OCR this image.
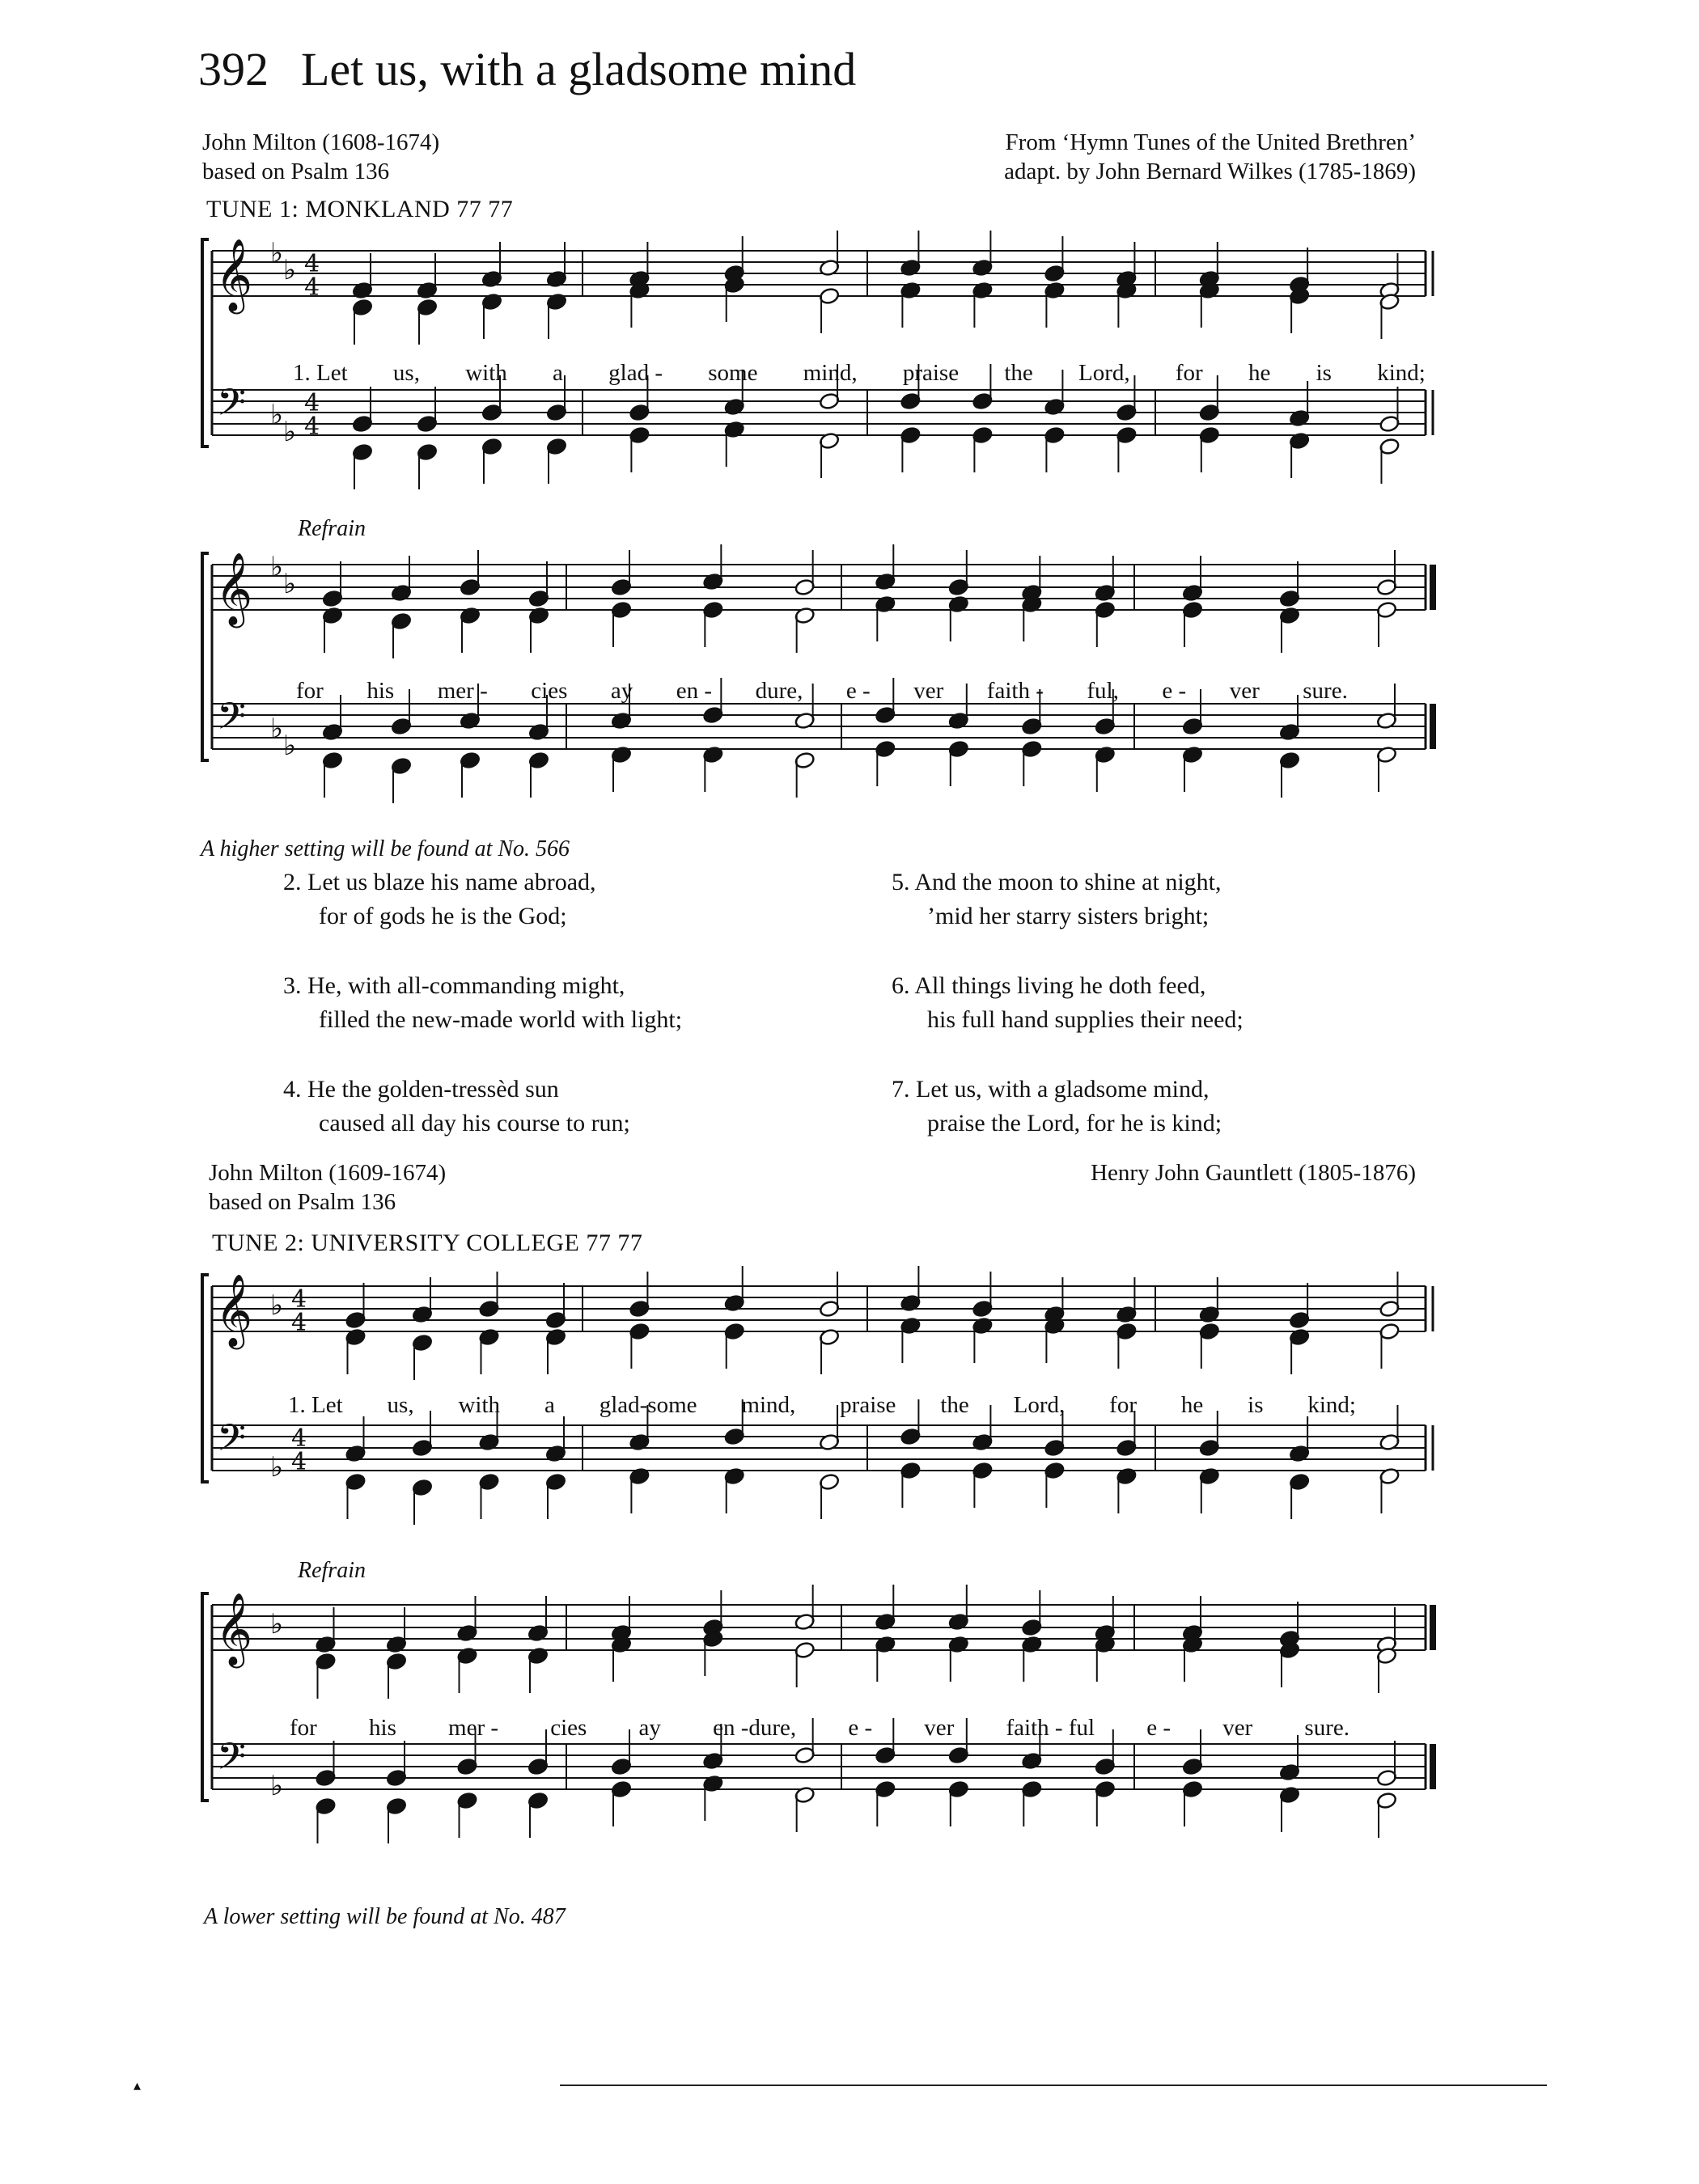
392 Let us, with a gladsome mind
John Milton (1608-1674)
based on Psalm 136
From ‘Hymn Tunes of the United Brethren’
adapt. by John Bernard Wilkes (1785-1869)
TUNE 1: MONKLAND 77 77
𝄞
𝄢
♭
♭
♭
♭
4
4
4
4
1. Let us, with a glad - some mind, praise the Lord, for he is kind;
Refrain
𝄞
𝄢
♭
♭
♭
♭
for his mer - cies ay en - dure, e - ver faith - ful, e - ver sure.
A higher setting will be found at No. 566
2. Let us blaze his name abroad,
for of gods he is the God;
3. He, with all-commanding might,
filled the new-made world with light;
4. He the golden-tressèd sun
caused all day his course to run;
5. And the moon to shine at night,
’mid her starry sisters bright;
6. All things living he doth feed,
his full hand supplies their need;
7. Let us, with a gladsome mind,
praise the Lord, for he is kind;
John Milton (1609-1674)
based on Psalm 136
Henry John Gauntlett (1805-1876)
TUNE 2: UNIVERSITY COLLEGE 77 77
𝄞
𝄢
♭
♭
4
4
4
4
1. Let us, with a glad-some mind, praise the Lord, for he is kind;
Refrain
𝄞
𝄢
♭
♭
for his mer - cies ay en -dure, e - ver faith - ful e - ver sure.
A lower setting will be found at No. 487
▴
